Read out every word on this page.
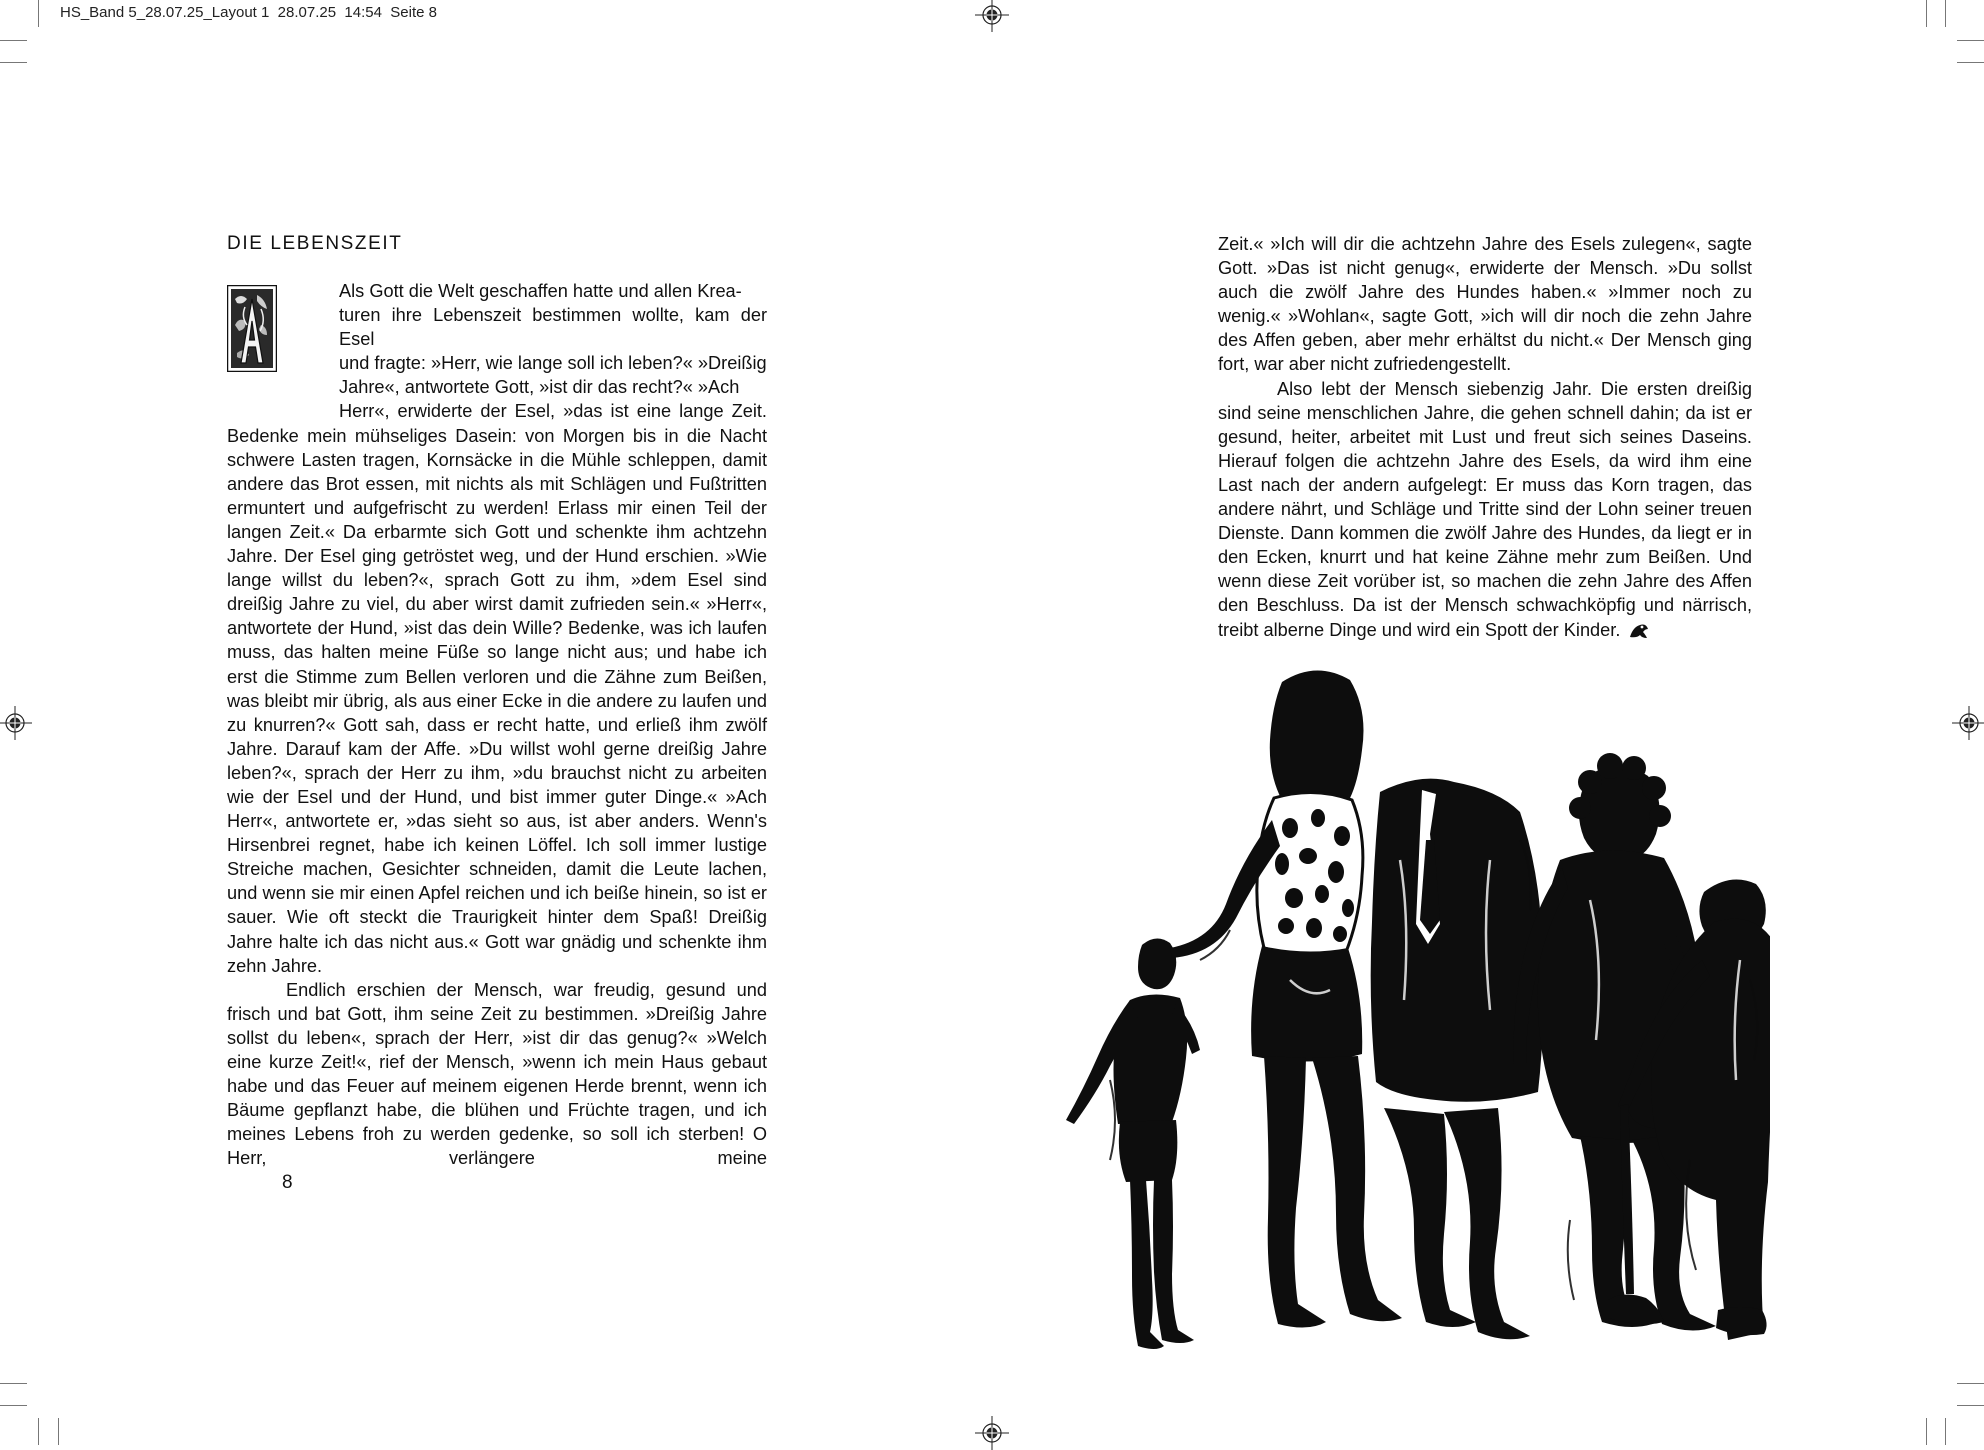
HS_Band 5_28.07.25_Layout 1  28.07.25  14:54  Seite 8
DIE LEBENSZEIT
Als Gott die Welt geschaffen hatte und allen Krea-
turen ihre Lebenszeit bestimmen wollte, kam der Esel
und fragte: »Herr, wie lange soll ich leben?« »Dreißig
Jahre«, antwortete Gott, »ist dir das recht?« »Ach
Herr«, erwiderte der Esel, »das ist eine lange Zeit.

Bedenke mein mühseliges Dasein: von Morgen bis in die Nacht schwere Lasten tragen, Kornsäcke in die Mühle schleppen, damit andere das Brot essen, mit nichts als mit Schlägen und Fußtritten ermuntert und aufgefrischt zu werden! Erlass mir einen Teil der langen Zeit.« Da erbarmte sich Gott und schenkte ihm achtzehn Jahre. Der Esel ging getröstet weg, und der Hund erschien. »Wie lange willst du leben?«, sprach Gott zu ihm, »dem Esel sind dreißig Jahre zu viel, du aber wirst damit zufrieden sein.« »Herr«, antwortete der Hund, »ist das dein Wille? Bedenke, was ich laufen muss, das halten meine Füße so lange nicht aus; und habe ich erst die Stimme zum Bellen verloren und die Zähne zum Beißen, was bleibt mir übrig, als aus einer Ecke in die andere zu laufen und zu knurren?« Gott sah, dass er recht hatte, und erließ ihm zwölf Jahre. Darauf kam der Affe. »Du willst wohl gerne dreißig Jahre leben?«, sprach der Herr zu ihm, »du brauchst nicht zu arbeiten wie der Esel und der Hund, und bist immer guter Dinge.« »Ach Herr«, antwortete er, »das sieht so aus, ist aber anders. Wenn's Hirsenbrei regnet, habe ich keinen Löffel. Ich soll immer lustige Streiche machen, Gesichter schneiden, damit die Leute lachen, und wenn sie mir einen Apfel reichen und ich beiße hinein, so ist er sauer. Wie oft steckt die Traurigkeit hinter dem Spaß! Dreißig Jahre halte ich das nicht aus.« Gott war gnädig und schenkte ihm zehn Jahre.

Endlich erschien der Mensch, war freudig, gesund und frisch und bat Gott, ihm seine Zeit zu bestimmen. »Dreißig Jahre sollst du leben«, sprach der Herr, »ist dir das genug?« »Welch eine kurze Zeit!«, rief der Mensch, »wenn ich mein Haus gebaut habe und das Feuer auf meinem eigenen Herde brennt, wenn ich Bäume gepflanzt habe, die blühen und Früchte tragen, und ich meines Lebens froh zu werden gedenke, so soll ich sterben! O Herr, verlängere meine

8

Zeit.« »Ich will dir die achtzehn Jahre des Esels zulegen«, sagte Gott. »Das ist nicht genug«, erwiderte der Mensch. »Du sollst auch die zwölf Jahre des Hundes haben.« »Immer noch zu wenig.« »Wohlan«, sagte Gott, »ich will dir noch die zehn Jahre des Affen geben, aber mehr erhältst du nicht.« Der Mensch ging fort, war aber nicht zufriedengestellt.

Also lebt der Mensch siebenzig Jahr. Die ersten dreißig sind seine menschlichen Jahre, die gehen schnell dahin; da ist er gesund, heiter, arbeitet mit Lust und freut sich seines Daseins. Hierauf folgen die achtzehn Jahre des Esels, da wird ihm eine Last nach der andern aufgelegt: Er muss das Korn tragen, das andere nährt, und Schläge und Tritte sind der Lohn seiner treuen Dienste. Dann kommen die zwölf Jahre des Hundes, da liegt er in den Ecken, knurrt und hat keine Zähne mehr zum Beißen. Und wenn diese Zeit vorüber ist, so machen die zehn Jahre des Affen den Beschluss. Da ist der Mensch schwachköpfig und närrisch, treibt alberne Dinge und wird ein Spott der Kinder.
